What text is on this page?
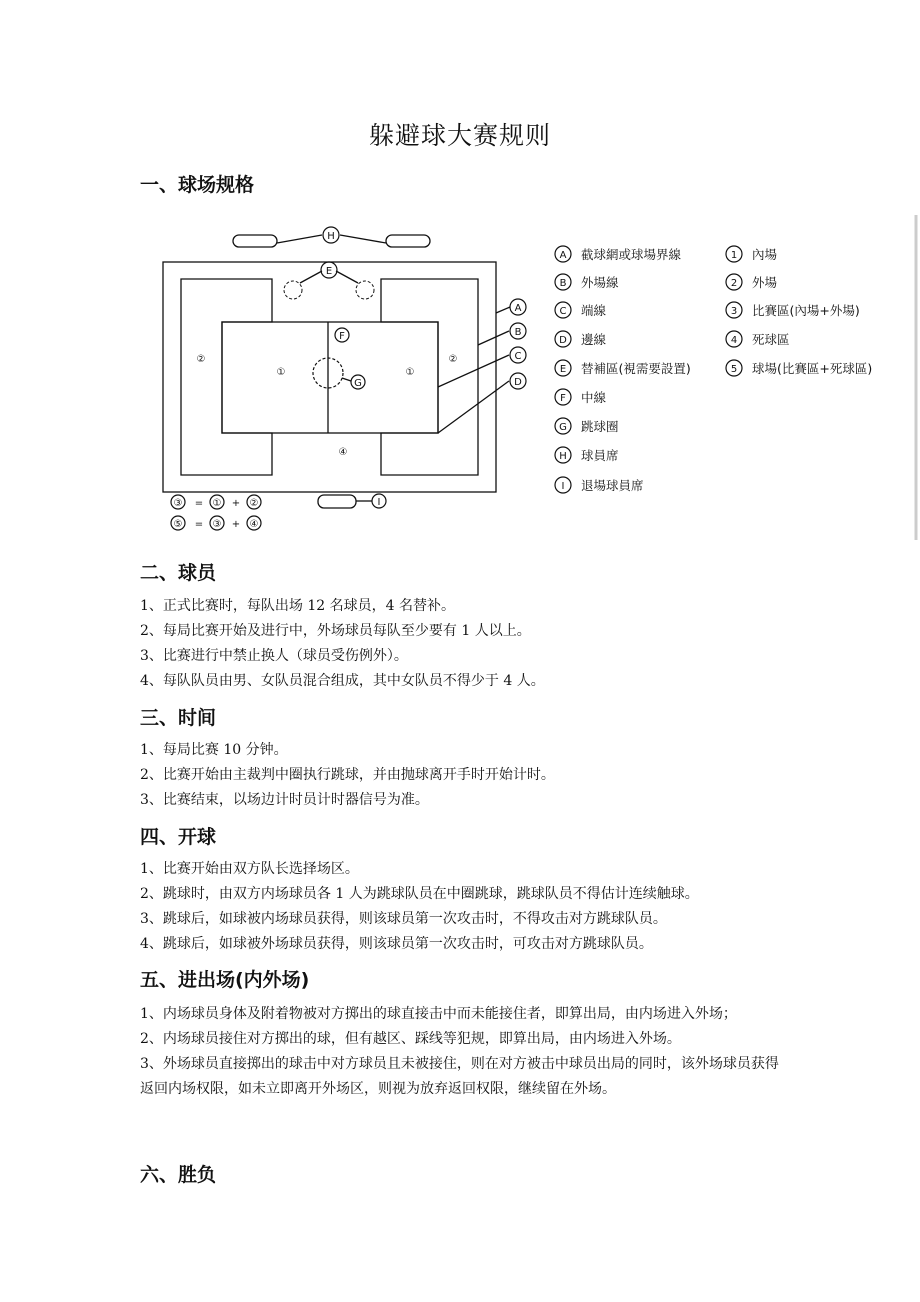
躲避球大赛规则
一、球场规格
H
E
F
G
②
①	①
②
④
A
B
C
D
I
③ = ① + ②
⑤ = ③ + ④
A 截球網或球場界線
B 外場線
C 端線
D 邊線
E 替補區(視需要設置)
F 中線
G 跳球圈
H 球員席
I 退場球員席
1 內場
2 外場
3 比賽區(內場+外場)
4 死球區
5 球場(比賽區+死球區)
二、球员
1、正式比赛时，每队出场 12 名球员，4 名替补。
2、每局比赛开始及进行中，外场球员每队至少要有 1 人以上。
3、比赛进行中禁止换人（球员受伤例外）。
4、每队队员由男、女队员混合组成，其中女队员不得少于 4 人。
三、时间
1、每局比赛 10 分钟。
2、比赛开始由主裁判中圈执行跳球，并由抛球离开手时开始计时。
3、比赛结束，以场边计时员计时器信号为准。
四、开球
1、比赛开始由双方队长选择场区。
2、跳球时，由双方内场球员各 1 人为跳球队员在中圈跳球，跳球队员不得估计连续触球。
3、跳球后，如球被内场球员获得，则该球员第一次攻击时，不得攻击对方跳球队员。
4、跳球后，如球被外场球员获得，则该球员第一次攻击时，可攻击对方跳球队员。
五、进出场(内外场)
1、内场球员身体及附着物被对方掷出的球直接击中而未能接住者，即算出局，由内场进入外场；
2、内场球员接住对方掷出的球，但有越区、踩线等犯规，即算出局，由内场进入外场。
3、外场球员直接掷出的球击中对方球员且未被接住，则在对方被击中球员出局的同时，该外场球员获得返回内场权限，如未立即离开外场区，则视为放弃返回权限，继续留在外场。
六、胜负
